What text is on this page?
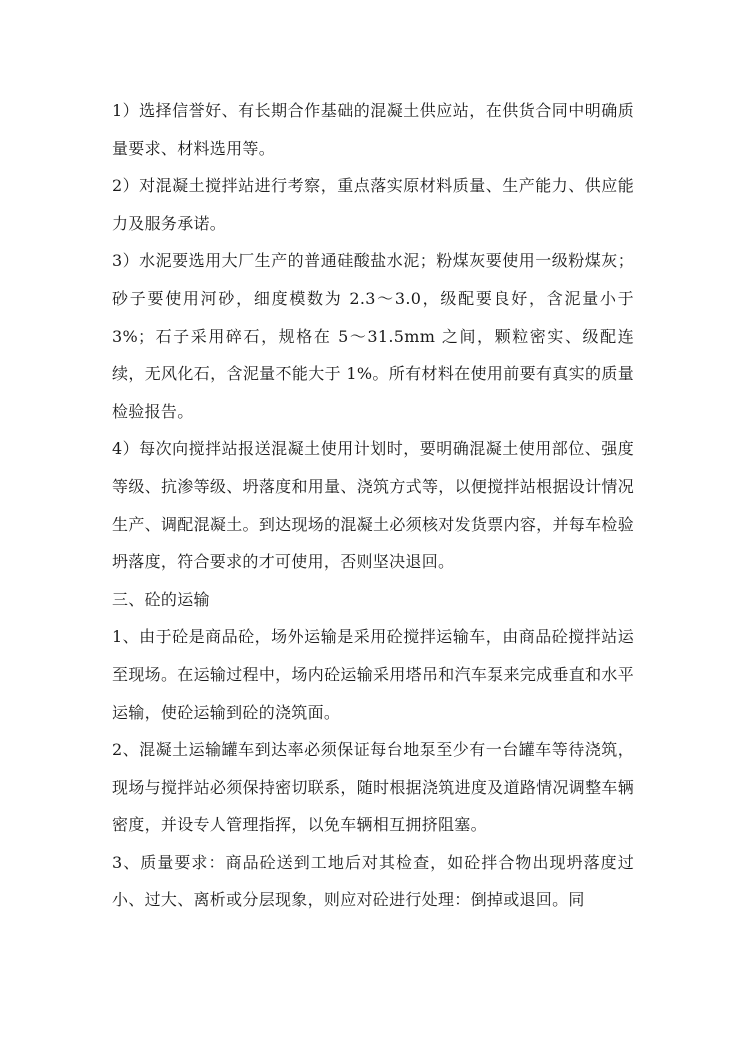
1）选择信誉好、有长期合作基础的混凝土供应站，在供货合同中明确质量要求、材料选用等。

2）对混凝土搅拌站进行考察，重点落实原材料质量、生产能力、供应能力及服务承诺。

3）水泥要选用大厂生产的普通硅酸盐水泥；粉煤灰要使用一级粉煤灰；砂子要使用河砂，细度模数为 2.3～3.0，级配要良好，含泥量小于 3%；石子采用碎石，规格在 5～31.5mm 之间，颗粒密实、级配连续，无风化石，含泥量不能大于 1%。所有材料在使用前要有真实的质量检验报告。

4）每次向搅拌站报送混凝土使用计划时，要明确混凝土使用部位、强度等级、抗渗等级、坍落度和用量、浇筑方式等，以便搅拌站根据设计情况生产、调配混凝土。到达现场的混凝土必须核对发货票内容，并每车检验坍落度，符合要求的才可使用，否则坚决退回。

三、砼的运输

1、由于砼是商品砼，场外运输是采用砼搅拌运输车，由商品砼搅拌站运至现场。在运输过程中，场内砼运输采用塔吊和汽车泵来完成垂直和水平运输，使砼运输到砼的浇筑面。

2、混凝土运输罐车到达率必须保证每台地泵至少有一台罐车等待浇筑，现场与搅拌站必须保持密切联系，随时根据浇筑进度及道路情况调整车辆密度，并设专人管理指挥，以免车辆相互拥挤阻塞。

3、质量要求：商品砼送到工地后对其检查，如砼拌合物出现坍落度过小、过大、离析或分层现象，则应对砼进行处理：倒掉或退回。同
